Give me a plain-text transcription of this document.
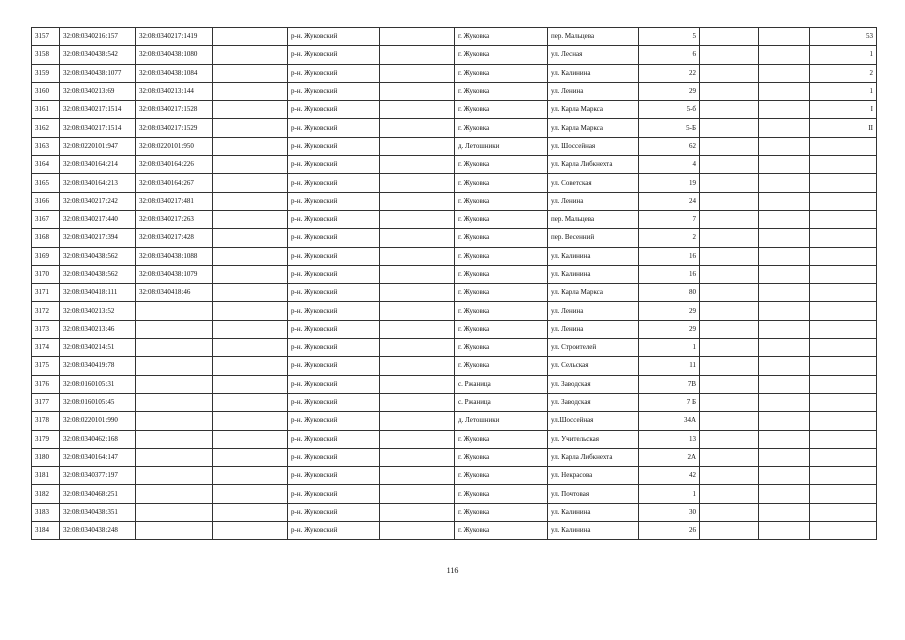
3157	32:08:0340216:157	32:08:0340217:1419		р-н. Жуковский		г. Жуковка	пер. Мальцева	5			53
3158	32:08:0340438:542	32:08:0340438:1080		р-н. Жуковский		г. Жуковка	ул. Лесная	6			1
3159	32:08:0340438:1077	32:08:0340438:1084		р-н. Жуковский		г. Жуковка	ул. Калинина	22			2
3160	32:08:0340213:69	32:08:0340213:144		р-н. Жуковский		г. Жуковка	ул. Ленина	29			1
3161	32:08:0340217:1514	32:08:0340217:1528		р-н. Жуковский		г. Жуковка	ул. Карла Маркса	5-б			I
3162	32:08:0340217:1514	32:08:0340217:1529		р-н. Жуковский		г. Жуковка	ул. Карла Маркса	5-Б			II
3163	32:08:0220101:947	32:08:0220101:950		р-н. Жуковский		д. Летошники	ул. Шоссейная	62			
3164	32:08:0340164:214	32:08:0340164:226		р-н. Жуковский		г. Жуковка	ул. Карла Либкнехта	4			
3165	32:08:0340164:213	32:08:0340164:267		р-н. Жуковский		г. Жуковка	ул. Советская	19			
3166	32:08:0340217:242	32:08:0340217:481		р-н. Жуковский		г. Жуковка	ул. Ленина	24			
3167	32:08:0340217:440	32:08:0340217:263		р-н. Жуковский		г. Жуковка	пер. Мальцева	7			
3168	32:08:0340217:394	32:08:0340217:428		р-н. Жуковский		г. Жуковка	пер. Весенний	2			
3169	32:08:0340438:562	32:08:0340438:1088		р-н. Жуковский		г. Жуковка	ул. Калинина	16			
3170	32:08:0340438:562	32:08:0340438:1079		р-н. Жуковский		г. Жуковка	ул. Калинина	16			
3171	32:08:0340418:111	32:08:0340418:46		р-н. Жуковский		г. Жуковка	ул. Карла Маркса	80			
3172	32:08:0340213:52			р-н. Жуковский		г. Жуковка	ул. Ленина	29			
3173	32:08:0340213:46			р-н. Жуковский		г. Жуковка	ул. Ленина	29			
3174	32:08:0340214:51			р-н. Жуковский		г. Жуковка	ул. Строителей	1			
3175	32:08:0340419:78			р-н. Жуковский		г. Жуковка	ул. Сельская	11			
3176	32:08:0160105:31			р-н. Жуковский		с. Ржаница	ул. Заводская	7В			
3177	32:08:0160105:45			р-н. Жуковский		с. Ржаница	ул. Заводская	7 Б			
3178	32:08:0220101:990			р-н. Жуковский		д. Летошники	ул.Шоссейная	34А			
3179	32:08:0340462:168			р-н. Жуковский		г. Жуковка	ул. Учительская	13			
3180	32:08:0340164:147			р-н. Жуковский		г. Жуковка	ул. Карла Либкнехта	2А			
3181	32:08:0340377:197			р-н. Жуковский		г. Жуковка	ул. Некрасова	42			
3182	32:08:0340468:251			р-н. Жуковский		г. Жуковка	ул. Почтовая	1			
3183	32:08:0340438:351			р-н. Жуковский		г. Жуковка	ул. Калинина	30			
3184	32:08:0340438:248			р-н. Жуковский		г. Жуковка	ул. Калинина	26			
116
